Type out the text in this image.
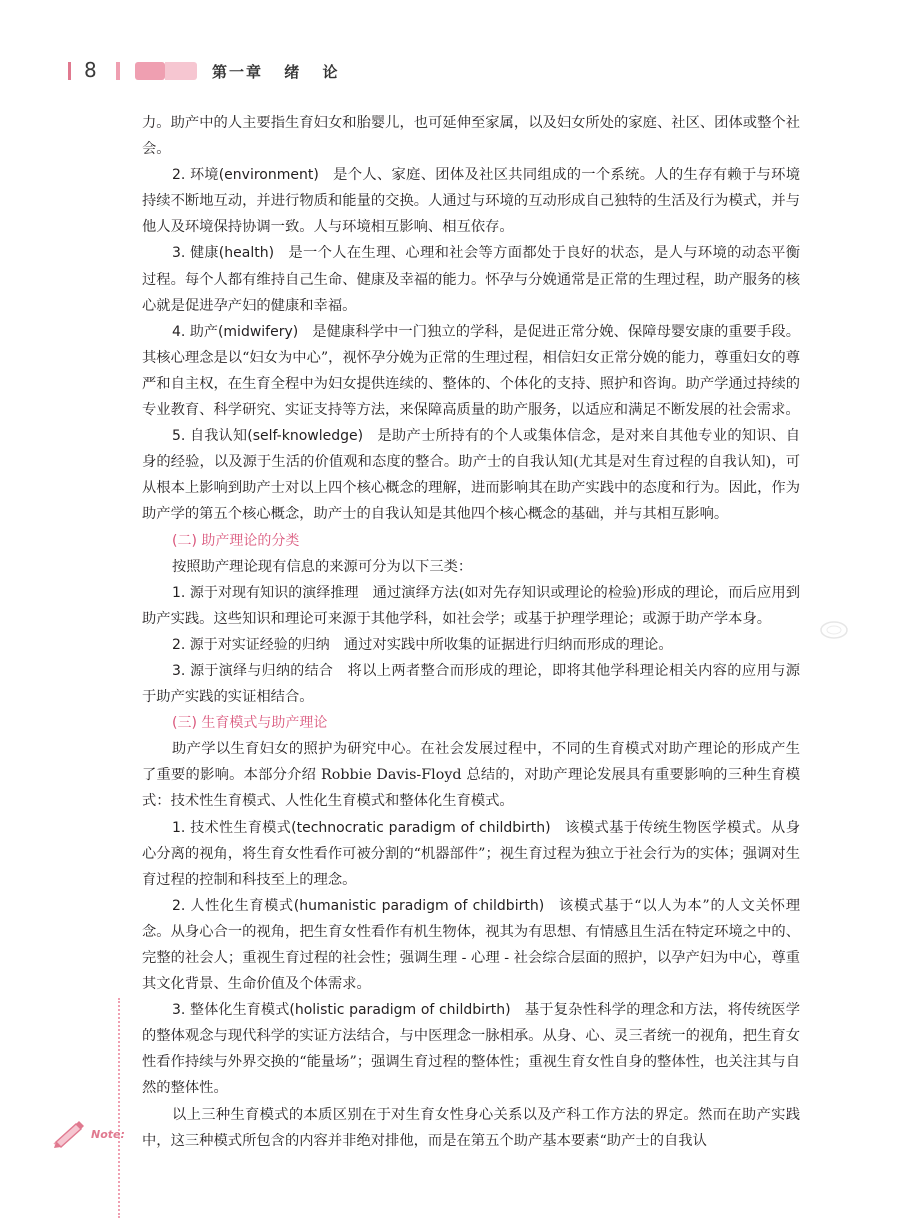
8	第一章 绪 论

力。助产中的人主要指生育妇女和胎婴儿，也可延伸至家属，以及妇女所处的家庭、社区、团体或整个社会。

2. 环境(environment) 是个人、家庭、团体及社区共同组成的一个系统。人的生存有赖于与环境持续不断地互动，并进行物质和能量的交换。人通过与环境的互动形成自己独特的生活及行为模式，并与他人及环境保持协调一致。人与环境相互影响、相互依存。

3. 健康(health) 是一个人在生理、心理和社会等方面都处于良好的状态，是人与环境的动态平衡过程。每个人都有维持自己生命、健康及幸福的能力。怀孕与分娩通常是正常的生理过程，助产服务的核心就是促进孕产妇的健康和幸福。

4. 助产(midwifery) 是健康科学中一门独立的学科，是促进正常分娩、保障母婴安康的重要手段。其核心理念是以“妇女为中心”，视怀孕分娩为正常的生理过程，相信妇女正常分娩的能力，尊重妇女的尊严和自主权，在生育全程中为妇女提供连续的、整体的、个体化的支持、照护和咨询。助产学通过持续的专业教育、科学研究、实证支持等方法，来保障高质量的助产服务，以适应和满足不断发展的社会需求。

5. 自我认知(self-knowledge) 是助产士所持有的个人或集体信念，是对来自其他专业的知识、自身的经验，以及源于生活的价值观和态度的整合。助产士的自我认知(尤其是对生育过程的自我认知)，可从根本上影响到助产士对以上四个核心概念的理解，进而影响其在助产实践中的态度和行为。因此，作为助产学的第五个核心概念，助产士的自我认知是其他四个核心概念的基础，并与其相互影响。

(二) 助产理论的分类

按照助产理论现有信息的来源可分为以下三类：

1. 源于对现有知识的演绎推理 通过演绎方法(如对先存知识或理论的检验)形成的理论，而后应用到助产实践。这些知识和理论可来源于其他学科，如社会学；或基于护理学理论；或源于助产学本身。

2. 源于对实证经验的归纳 通过对实践中所收集的证据进行归纳而形成的理论。

3. 源于演绎与归纳的结合 将以上两者整合而形成的理论，即将其他学科理论相关内容的应用与源于助产实践的实证相结合。

(三) 生育模式与助产理论

助产学以生育妇女的照护为研究中心。在社会发展过程中，不同的生育模式对助产理论的形成产生了重要的影响。本部分介绍 Robbie Davis-Floyd 总结的，对助产理论发展具有重要影响的三种生育模式：技术性生育模式、人性化生育模式和整体化生育模式。

1. 技术性生育模式(technocratic paradigm of childbirth) 该模式基于传统生物医学模式。从身心分离的视角，将生育女性看作可被分割的“机器部件”；视生育过程为独立于社会行为的实体；强调对生育过程的控制和科技至上的理念。

2. 人性化生育模式(humanistic paradigm of childbirth) 该模式基于“以人为本”的人文关怀理念。从身心合一的视角，把生育女性看作有机生物体，视其为有思想、有情感且生活在特定环境之中的、完整的社会人；重视生育过程的社会性；强调生理 - 心理 - 社会综合层面的照护，以孕产妇为中心，尊重其文化背景、生命价值及个体需求。

3. 整体化生育模式(holistic paradigm of childbirth) 基于复杂性科学的理念和方法，将传统医学的整体观念与现代科学的实证方法结合，与中医理念一脉相承。从身、心、灵三者统一的视角，把生育女性看作持续与外界交换的“能量场”；强调生育过程的整体性；重视生育女性自身的整体性，也关注其与自然的整体性。

以上三种生育模式的本质区别在于对生育女性身心关系以及产科工作方法的界定。然而在助产实践中，这三种模式所包含的内容并非绝对排他，而是在第五个助产基本要素“助产士的自我认

Note:
